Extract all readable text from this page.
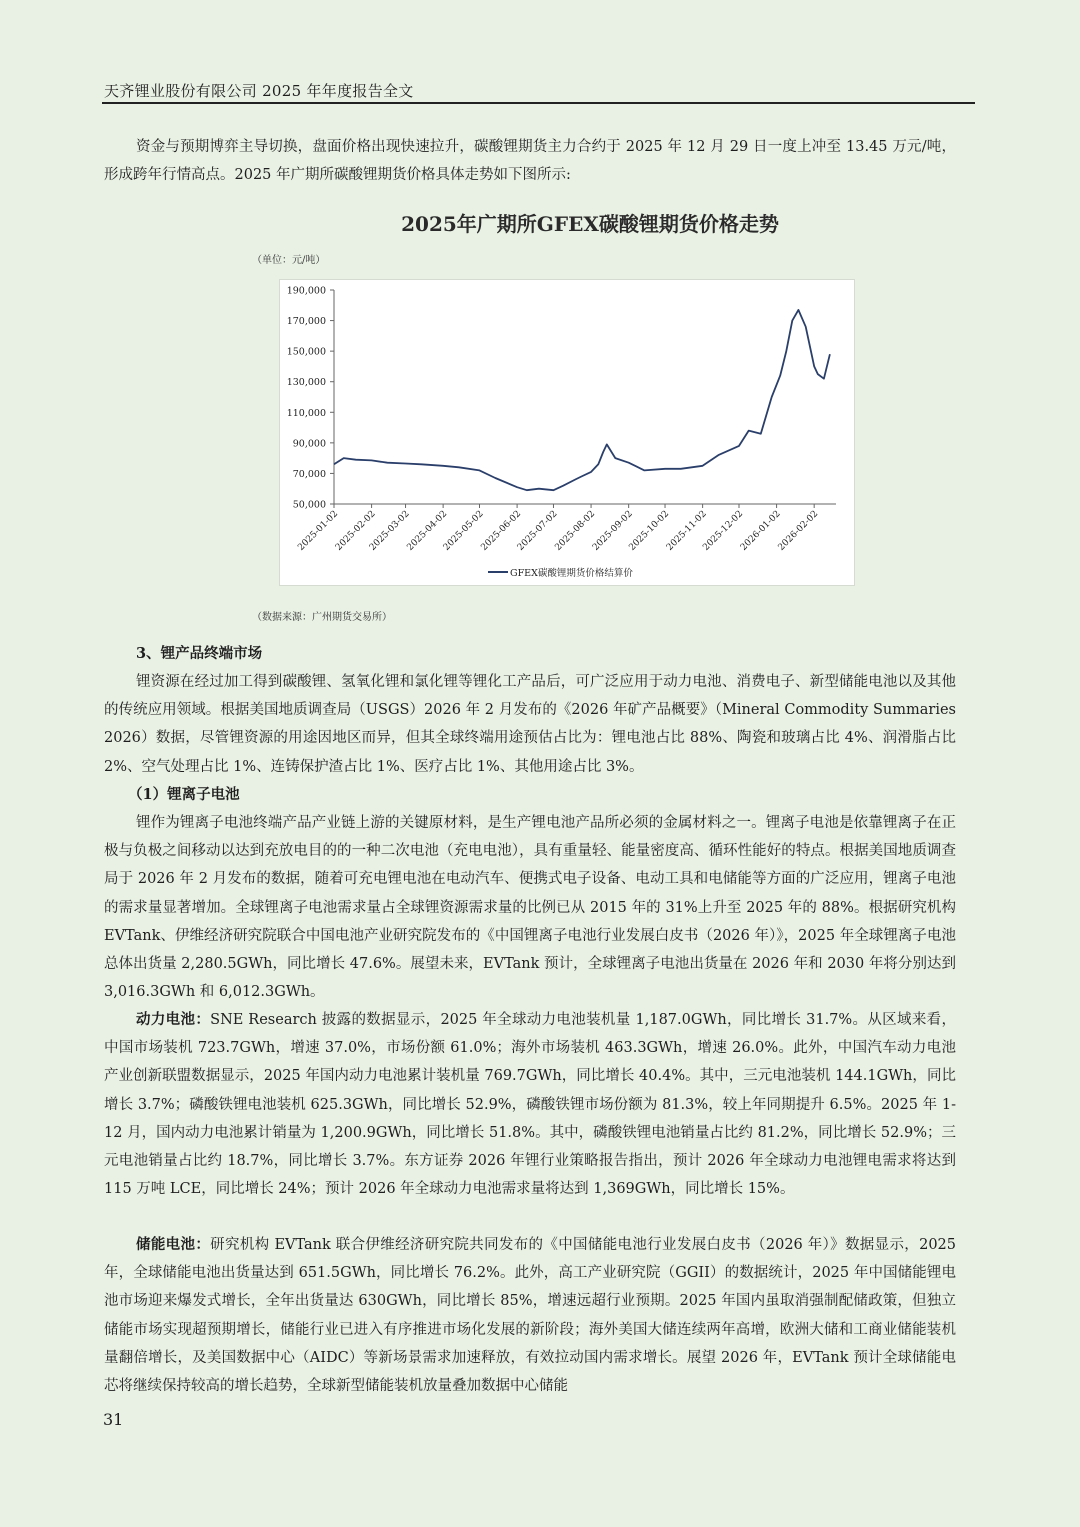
天齐锂业股份有限公司 2025 年年度报告全文

资金与预期博弈主导切换，盘面价格出现快速拉升，碳酸锂期货主力合约于 2025 年 12 月 29 日一度上冲至 13.45 万元/吨，形成跨年行情高点。2025 年广期所碳酸锂期货价格具体走势如下图所示:

2025年广期所GFEX碳酸锂期货价格走势
（单位：元/吨）
50,000
70,000
90,000
110,000
130,000
150,000
170,000
190,000
2025-01-02
2025-02-02
2025-03-02
2025-04-02
2025-05-02
2025-06-02
2025-07-02
2025-08-02
2025-09-02
2025-10-02
2025-11-02
2025-12-02
2026-01-02
2026-02-02
GFEX碳酸锂期货价格结算价
（数据来源：广州期货交易所）

3、锂产品终端市场

锂资源在经过加工得到碳酸锂、氢氧化锂和氯化锂等锂化工产品后，可广泛应用于动力电池、消费电子、新型储能电池以及其他的传统应用领域。根据美国地质调查局（USGS）2026 年 2 月发布的《2026 年矿产品概要》（Mineral Commodity Summaries 2026）数据，尽管锂资源的用途因地区而异，但其全球终端用途预估占比为：锂电池占比 88%、陶瓷和玻璃占比 4%、润滑脂占比 2%、空气处理占比 1%、连铸保护渣占比 1%、医疗占比 1%、其他用途占比 3%。

（1）锂离子电池

锂作为锂离子电池终端产品产业链上游的关键原材料，是生产锂电池产品所必须的金属材料之一。锂离子电池是依靠锂离子在正极与负极之间移动以达到充放电目的的一种二次电池（充电电池），具有重量轻、能量密度高、循环性能好的特点。根据美国地质调查局于 2026 年 2 月发布的数据，随着可充电锂电池在电动汽车、便携式电子设备、电动工具和电储能等方面的广泛应用，锂离子电池的需求量显著增加。全球锂离子电池需求量占全球锂资源需求量的比例已从 2015 年的 31%上升至 2025 年的 88%。根据研究机构 EVTank、伊维经济研究院联合中国电池产业研究院发布的《中国锂离子电池行业发展白皮书（2026 年）》，2025 年全球锂离子电池总体出货量 2,280.5GWh，同比增长 47.6%。展望未来，EVTank 预计，全球锂离子电池出货量在 2026 年和 2030 年将分别达到 3,016.3GWh 和 6,012.3GWh。

动力电池：SNE Research 披露的数据显示，2025 年全球动力电池装机量 1,187.0GWh，同比增长 31.7%。从区域来看，中国市场装机 723.7GWh，增速 37.0%，市场份额 61.0%；海外市场装机 463.3GWh，增速 26.0%。此外，中国汽车动力电池产业创新联盟数据显示，2025 年国内动力电池累计装机量 769.7GWh，同比增长 40.4%。其中，三元电池装机 144.1GWh，同比增长 3.7%；磷酸铁锂电池装机 625.3GWh，同比增长 52.9%，磷酸铁锂市场份额为 81.3%，较上年同期提升 6.5%。2025 年 1-12 月，国内动力电池累计销量为 1,200.9GWh，同比增长 51.8%。其中，磷酸铁锂电池销量占比约 81.2%，同比增长 52.9%；三元电池销量占比约 18.7%，同比增长 3.7%。东方证券 2026 年锂行业策略报告指出，预计 2026 年全球动力电池锂电需求将达到 115 万吨 LCE，同比增长 24%；预计 2026 年全球动力电池需求量将达到 1,369GWh，同比增长 15%。

储能电池：研究机构 EVTank 联合伊维经济研究院共同发布的《中国储能电池行业发展白皮书（2026 年）》数据显示，2025 年，全球储能电池出货量达到 651.5GWh，同比增长 76.2%。此外，高工产业研究院（GGII）的数据统计，2025 年中国储能锂电池市场迎来爆发式增长，全年出货量达 630GWh，同比增长 85%，增速远超行业预期。2025 年国内虽取消强制配储政策，但独立储能市场实现超预期增长，储能行业已进入有序推进市场化发展的新阶段；海外美国大储连续两年高增，欧洲大储和工商业储能装机量翻倍增长，及美国数据中心（AIDC）等新场景需求加速释放，有效拉动国内需求增长。展望 2026 年，EVTank 预计全球储能电芯将继续保持较高的增长趋势，全球新型储能装机放量叠加数据中心储能

31
